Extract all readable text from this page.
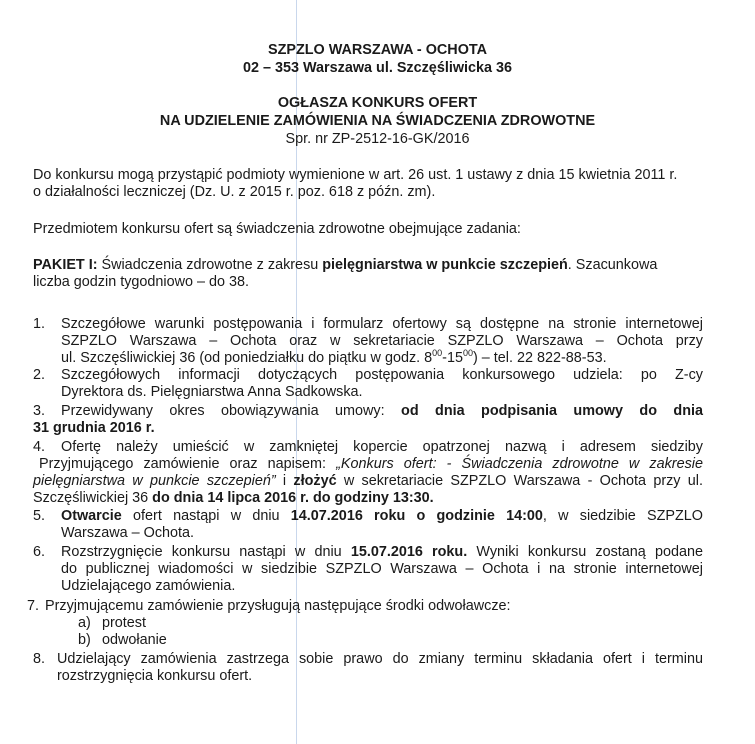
SZPZLO WARSZAWA - OCHOTA
02 – 353 Warszawa ul. Szczęśliwicka 36
OGŁASZA KONKURS OFERT
NA UDZIELENIE ZAMÓWIENIA NA ŚWIADCZENIA ZDROWOTNE
Spr. nr ZP-2512-16-GK/2016
Do konkursu mogą przystąpić podmioty wymienione w art. 26 ust. 1 ustawy z dnia 15 kwietnia 2011 r.
o działalności leczniczej (Dz. U. z 2015 r. poz. 618 z późn. zm).
Przedmiotem konkursu ofert są świadczenia zdrowotne obejmujące zadania:
PAKIET I: Świadczenia zdrowotne z zakresu pielęgniarstwa w punkcie szczepień. Szacunkowa
liczba godzin tygodniowo – do 38.
1. Szczegółowe warunki postępowania i formularz ofertowy są dostępne na stronie internetowej
SZPZLO Warszawa – Ochota oraz w sekretariacie SZPZLO Warszawa – Ochota przy
ul. Szczęśliwickiej 36 (od poniedziałku do piątku w godz. $8^{00}-15^{00}$) – tel. 22 822-88-53.
2. Szczegółowych informacji dotyczących postępowania konkursowego udziela: po Z-cy
Dyrektora ds. Pielęgniarstwa Anna Sadkowska.
3. Przewidywany okres obowiązywania umowy: od dnia podpisania umowy do dnia
31 grudnia 2016 r.
4. Ofertę należy umieścić w zamkniętej kopercie opatrzonej nazwą i adresem siedziby
Przyjmującego zamówienie oraz napisem: „Konkurs ofert: - Świadczenia zdrowotne w zakresie
pielęgniarstwa w punkcie szczepień” i złożyć w sekretariacie SZPZLO Warszawa - Ochota przy ul.
Szczęśliwickiej 36 do dnia 14 lipca 2016 r. do godziny 13:30.
5. Otwarcie ofert nastąpi w dniu 14.07.2016 roku o godzinie 14:00, w siedzibie SZPZLO
Warszawa – Ochota.
6. Rozstrzygnięcie konkursu nastąpi w dniu 15.07.2016 roku. Wyniki konkursu zostaną podane
do publicznej wiadomości w siedzibie SZPZLO Warszawa – Ochota i na stronie internetowej
Udzielającego zamówienia.
7. Przyjmującemu zamówienie przysługują następujące środki odwoławcze:
a) protest
b) odwołanie
8. Udzielający zamówienia zastrzega sobie prawo do zmiany terminu składania ofert i terminu
rozstrzygnięcia konkursu ofert.
